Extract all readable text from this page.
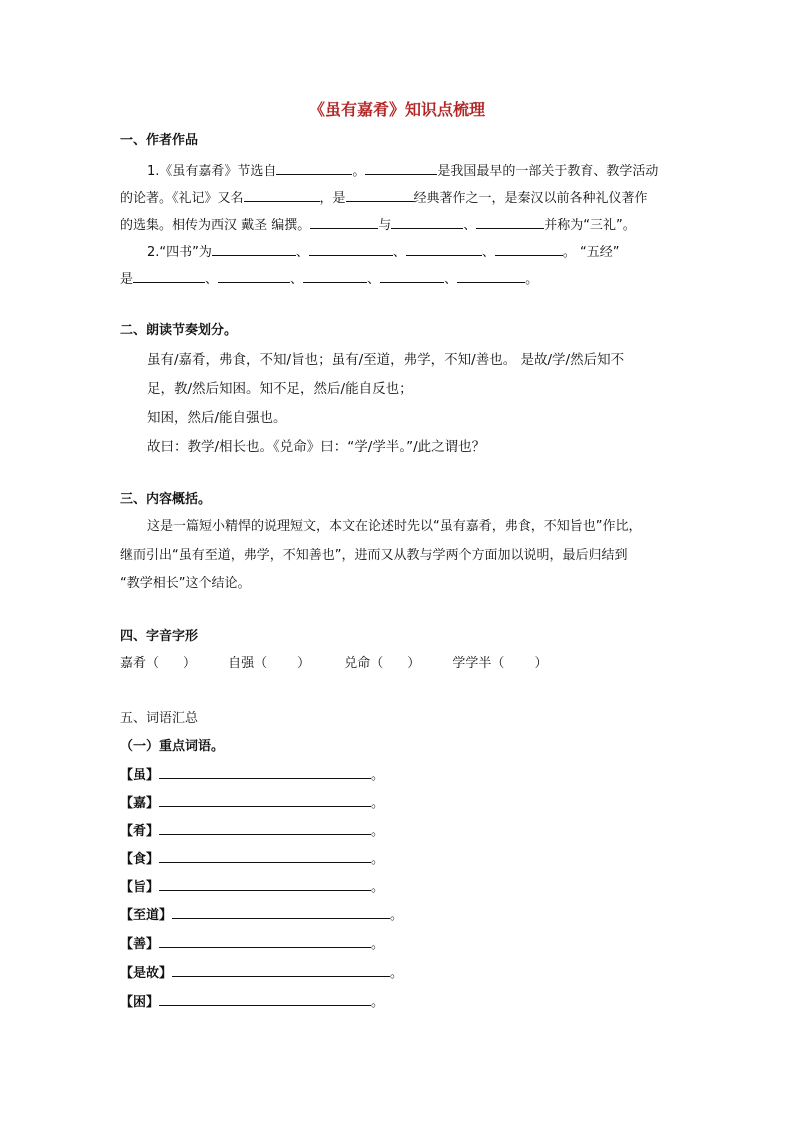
《虽有嘉肴》知识点梳理
一、作者作品
1.《虽有嘉肴》节选自	。	是我国最早的一部关于教育、教学活动
的论著。《礼记》又名	，是	经典著作之一，是秦汉以前各种礼仪著作
的选集。相传为西汉 戴圣 编撰。	与	、	并称为“三礼”。
2.“四书”为	、	、	、	。 “五经”
是	、	、	、	、	。
二、朗读节奏划分。
虽有/嘉肴，弗食，不知/旨也；虽有/至道，弗学，不知/善也。 是故/学/然后知不
足，教/然后知困。知不足，然后/能自反也；
知困，然后/能自强也。
故曰：教学/相长也。《兑命》曰：“学/学半。”/此之谓也？
三、内容概括。
这是一篇短小精悍的说理短文，本文在论述时先以“虽有嘉肴，弗食，不知旨也”作比，
继而引出“虽有至道，弗学，不知善也”，进而又从教与学两个方面加以说明，最后归结到
“教学相长”这个结论。
四、字音字形
嘉肴（ ） 自强（ ）	兑命（ ） 学学半（ ）
五、词语汇总
（一）重点词语。
【虽】	。
【嘉】	。
【肴】	。
【食】	。
【旨】	。
【至道】	。
【善】	。
【是故】	。
【困】	。
